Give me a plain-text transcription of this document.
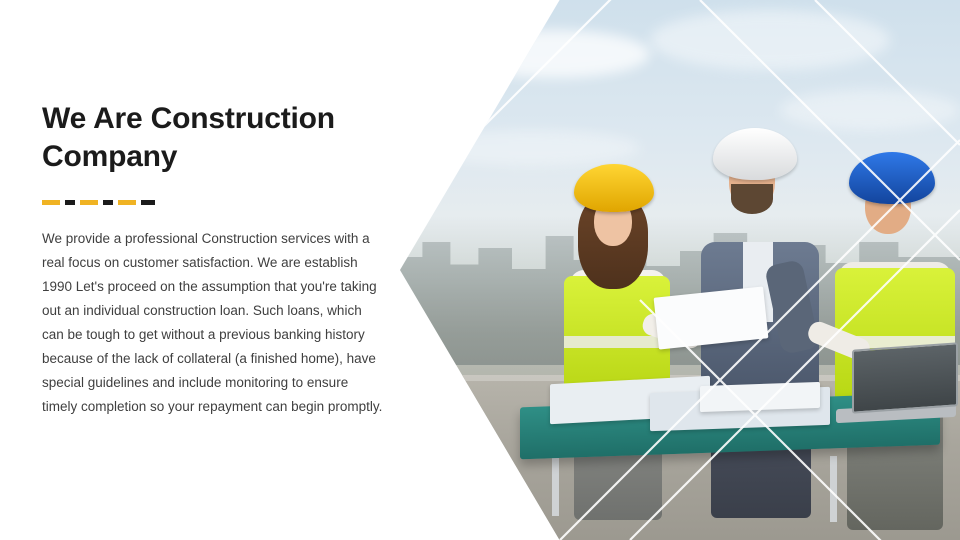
We Are Construction Company

We provide a professional Construction services with a real focus on customer satisfaction. We are establish 1990 Let's proceed on the assumption that you're taking out an individual construction loan. Such loans, which can be tough to get without a previous banking history because of the lack of collateral (a finished home), have special guidelines and include monitoring to ensure timely completion so your repayment can begin promptly.
